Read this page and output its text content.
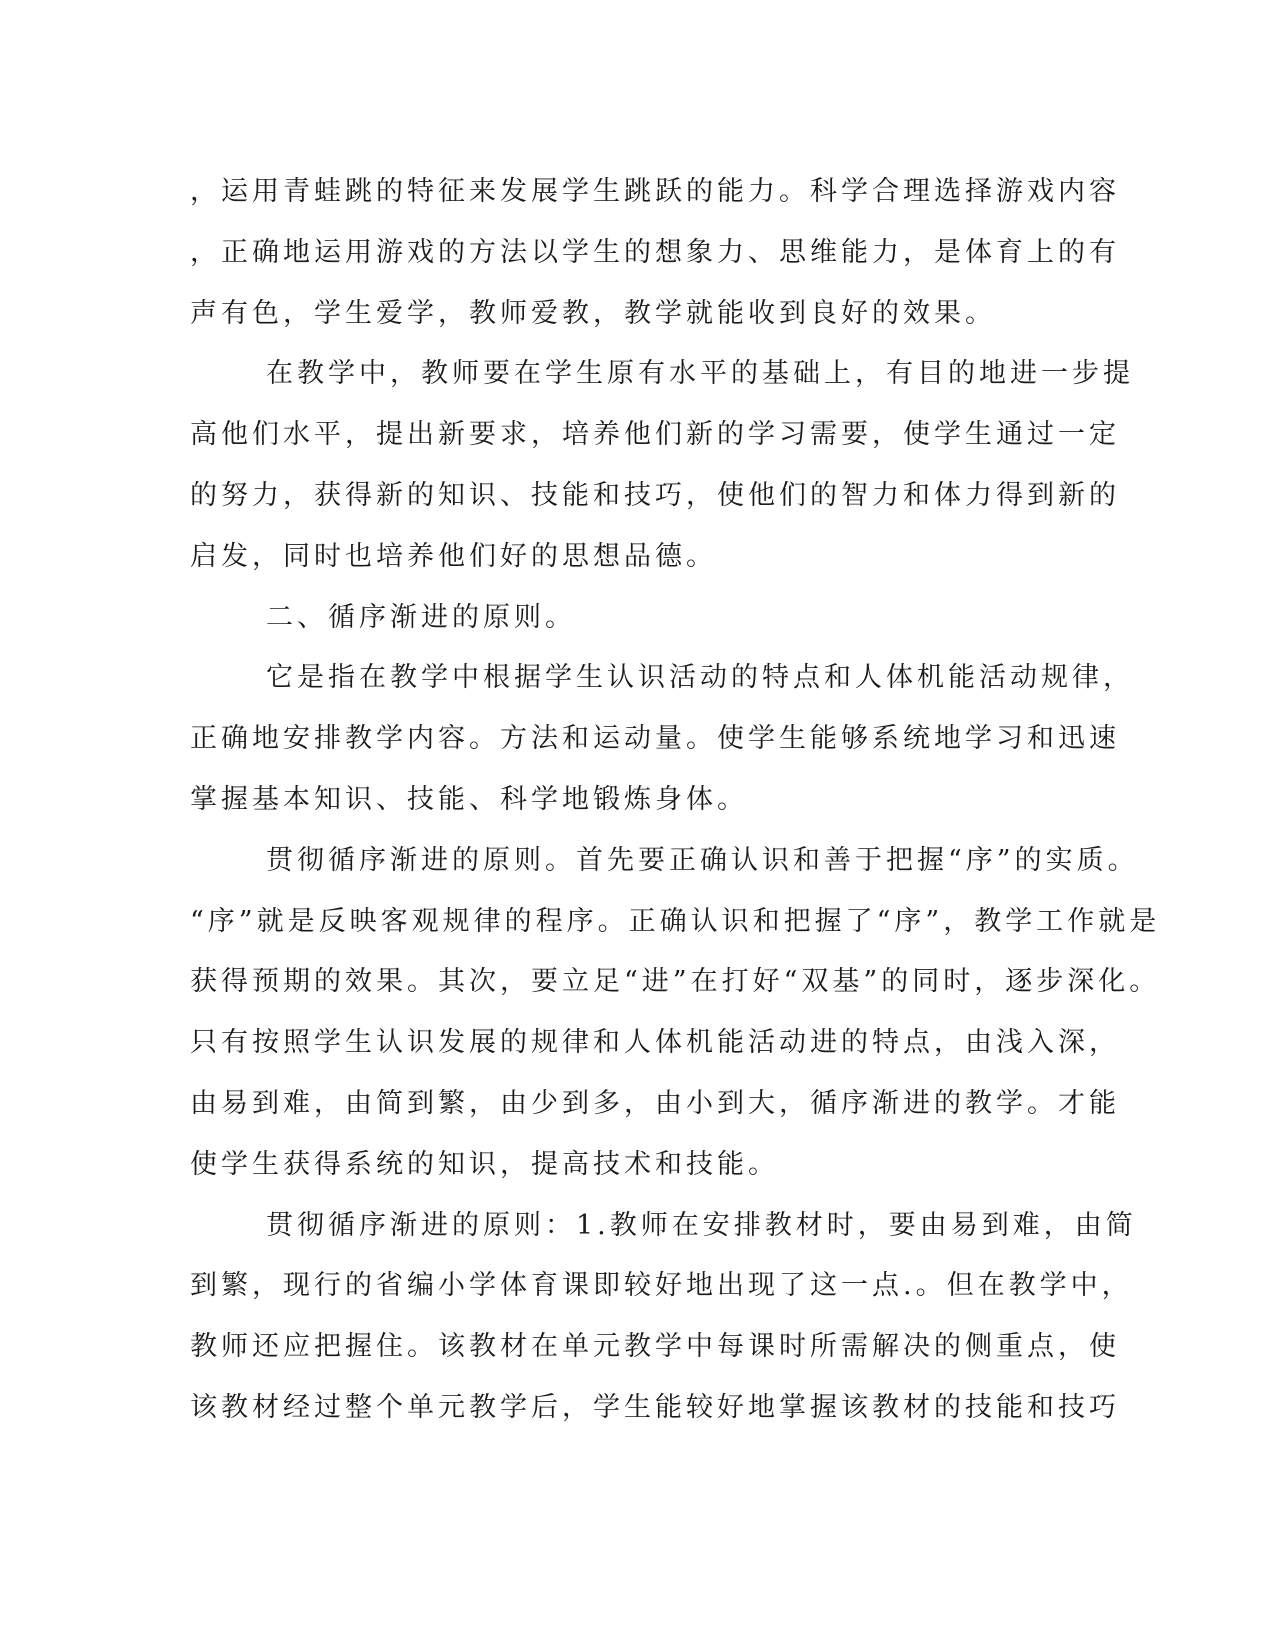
，运用青蛙跳的特征来发展学生跳跃的能力。科学合理选择游戏内容
，正确地运用游戏的方法以学生的想象力、思维能力，是体育上的有
声有色，学生爱学，教师爱教，教学就能收到良好的效果。
在教学中，教师要在学生原有水平的基础上，有目的地进一步提
高他们水平，提出新要求，培养他们新的学习需要，使学生通过一定
的努力，获得新的知识、技能和技巧，使他们的智力和体力得到新的
启发，同时也培养他们好的思想品德。
二、循序渐进的原则。
它是指在教学中根据学生认识活动的特点和人体机能活动规律，
正确地安排教学内容。方法和运动量。使学生能够系统地学习和迅速
掌握基本知识、技能、科学地锻炼身体。
贯彻循序渐进的原则。首先要正确认识和善于把握“序”的实质。
“序”就是反映客观规律的程序。正确认识和把握了“序”，教学工作就是
获得预期的效果。其次，要立足“进”在打好“双基”的同时，逐步深化。
只有按照学生认识发展的规律和人体机能活动进的特点，由浅入深，
由易到难，由简到繁，由少到多，由小到大，循序渐进的教学。才能
使学生获得系统的知识，提高技术和技能。
贯彻循序渐进的原则：1.教师在安排教材时，要由易到难，由简
到繁，现行的省编小学体育课即较好地出现了这一点.。但在教学中，
教师还应把握住。该教材在单元教学中每课时所需解决的侧重点，使
该教材经过整个单元教学后，学生能较好地掌握该教材的技能和技巧
